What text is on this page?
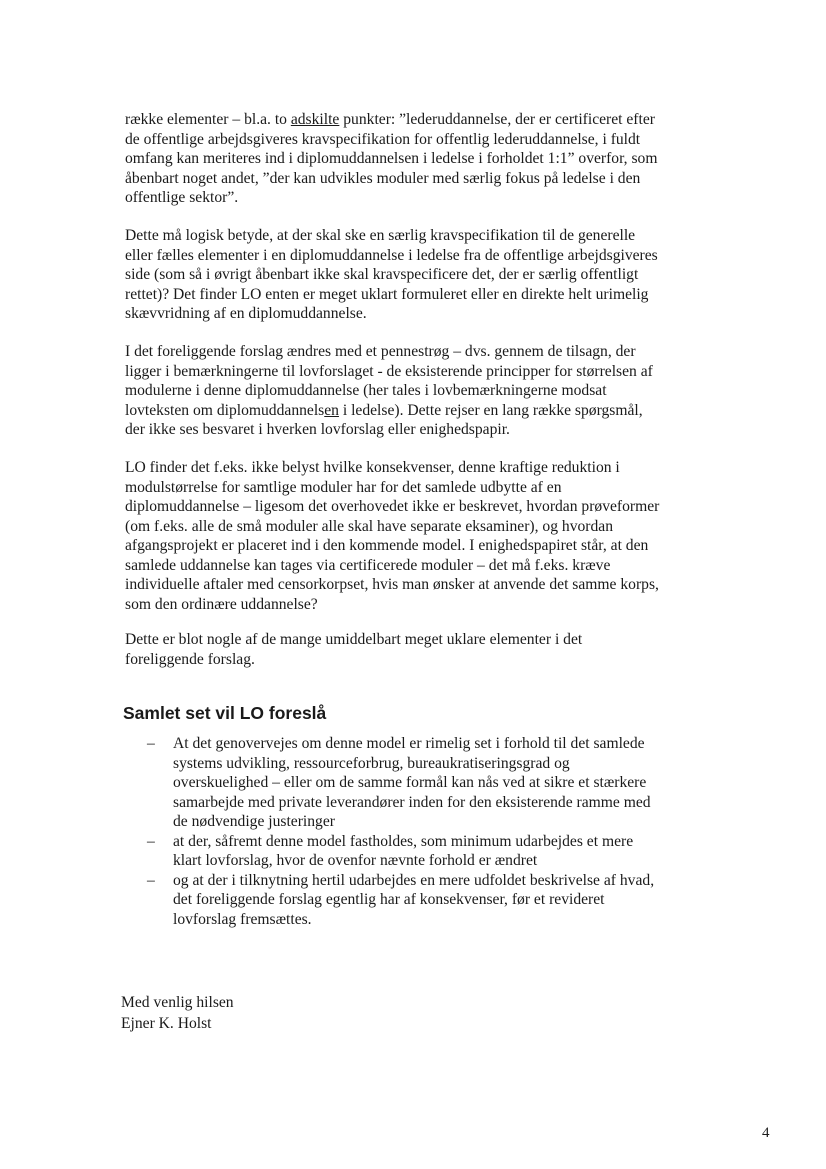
række elementer – bl.a. to adskilte punkter: ”lederuddannelse, der er certificeret efter
de offentlige arbejdsgiveres kravspecifikation for offentlig lederuddannelse, i fuldt
omfang kan meriteres ind i diplomuddannelsen i ledelse i forholdet 1:1” overfor, som
åbenbart noget andet, ”der kan udvikles moduler med særlig fokus på ledelse i den
offentlige sektor”.

Dette må logisk betyde, at der skal ske en særlig kravspecifikation til de generelle
eller fælles elementer i en diplomuddannelse i ledelse fra de offentlige arbejdsgiveres
side (som så i øvrigt åbenbart ikke skal kravspecificere det, der er særlig offentligt
rettet)? Det finder LO enten er meget uklart formuleret eller en direkte helt urimelig
skævvridning af en diplomuddannelse.

I det foreliggende forslag ændres med et pennestrøg – dvs. gennem de tilsagn, der
ligger i bemærkningerne til lovforslaget - de eksisterende principper for størrelsen af
modulerne i denne diplomuddannelse (her tales i lovbemærkningerne modsat
lovteksten om diplomuddannelsen i ledelse). Dette rejser en lang række spørgsmål,
der ikke ses besvaret i hverken lovforslag eller enighedspapir.

LO finder det f.eks. ikke belyst hvilke konsekvenser, denne kraftige reduktion i
modulstørrelse for samtlige moduler har for det samlede udbytte af en
diplomuddannelse – ligesom det overhovedet ikke er beskrevet, hvordan prøveformer
(om f.eks. alle de små moduler alle skal have separate eksaminer), og hvordan
afgangsprojekt er placeret ind i den kommende model. I enighedspapiret står, at den
samlede uddannelse kan tages via certificerede moduler – det må f.eks. kræve
individuelle aftaler med censorkorpset, hvis man ønsker at anvende det samme korps,
som den ordinære uddannelse?

Dette er blot nogle af de mange umiddelbart meget uklare elementer i det
foreliggende forslag.

Samlet set vil LO foreslå
– At det genovervejes om denne model er rimelig set i forhold til det samlede
systems udvikling, ressourceforbrug, bureaukratiseringsgrad og
overskuelighed – eller om de samme formål kan nås ved at sikre et stærkere
samarbejde med private leverandører inden for den eksisterende ramme med
de nødvendige justeringer
– at der, såfremt denne model fastholdes, som minimum udarbejdes et mere
klart lovforslag, hvor de ovenfor nævnte forhold er ændret
– og at der i tilknytning hertil udarbejdes en mere udfoldet beskrivelse af hvad,
det foreliggende forslag egentlig har af konsekvenser, før et revideret
lovforslag fremsættes.

Med venlig hilsen
Ejner K. Holst

4
